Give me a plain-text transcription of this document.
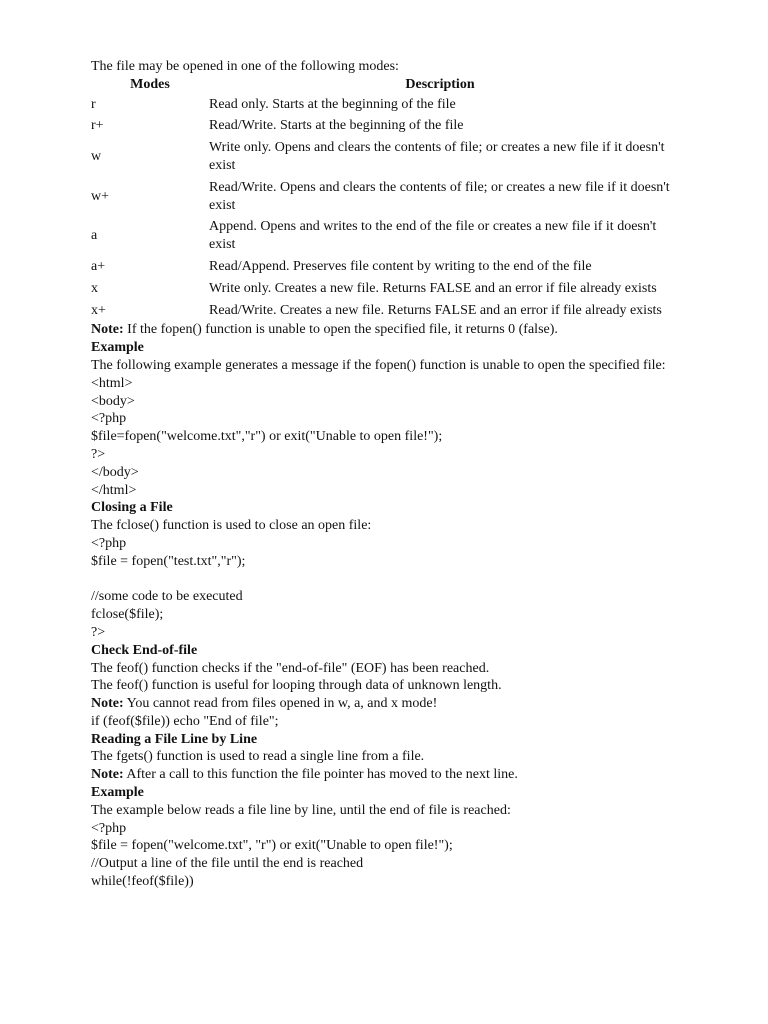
The file may be opened in one of the following modes:
Modes	Description
r	Read only. Starts at the beginning of the file
r+	Read/Write. Starts at the beginning of the file
w	Write only. Opens and clears the contents of file; or creates a new file if it doesn't exist
w+	Read/Write. Opens and clears the contents of file; or creates a new file if it doesn't exist
a	Append. Opens and writes to the end of the file or creates a new file if it doesn't exist
a+	Read/Append. Preserves file content by writing to the end of the file
x	Write only. Creates a new file. Returns FALSE and an error if file already exists
x+	Read/Write. Creates a new file. Returns FALSE and an error if file already exists
Note: If the fopen() function is unable to open the specified file, it returns 0 (false).
Example
The following example generates a message if the fopen() function is unable to open the specified file:
<html>
<body>
<?php
$file=fopen("welcome.txt","r") or exit("Unable to open file!");
?>
</body>
</html>
Closing a File
The fclose() function is used to close an open file:
<?php
$file = fopen("test.txt","r");
//some code to be executed
fclose($file);
?>
Check End-of-file
The feof() function checks if the "end-of-file" (EOF) has been reached.
The feof() function is useful for looping through data of unknown length.
Note: You cannot read from files opened in w, a, and x mode!
if (feof($file)) echo "End of file";
Reading a File Line by Line
The fgets() function is used to read a single line from a file.
Note: After a call to this function the file pointer has moved to the next line.
Example
The example below reads a file line by line, until the end of file is reached:
<?php
$file = fopen("welcome.txt", "r") or exit("Unable to open file!");
//Output a line of the file until the end is reached
while(!feof($file))
